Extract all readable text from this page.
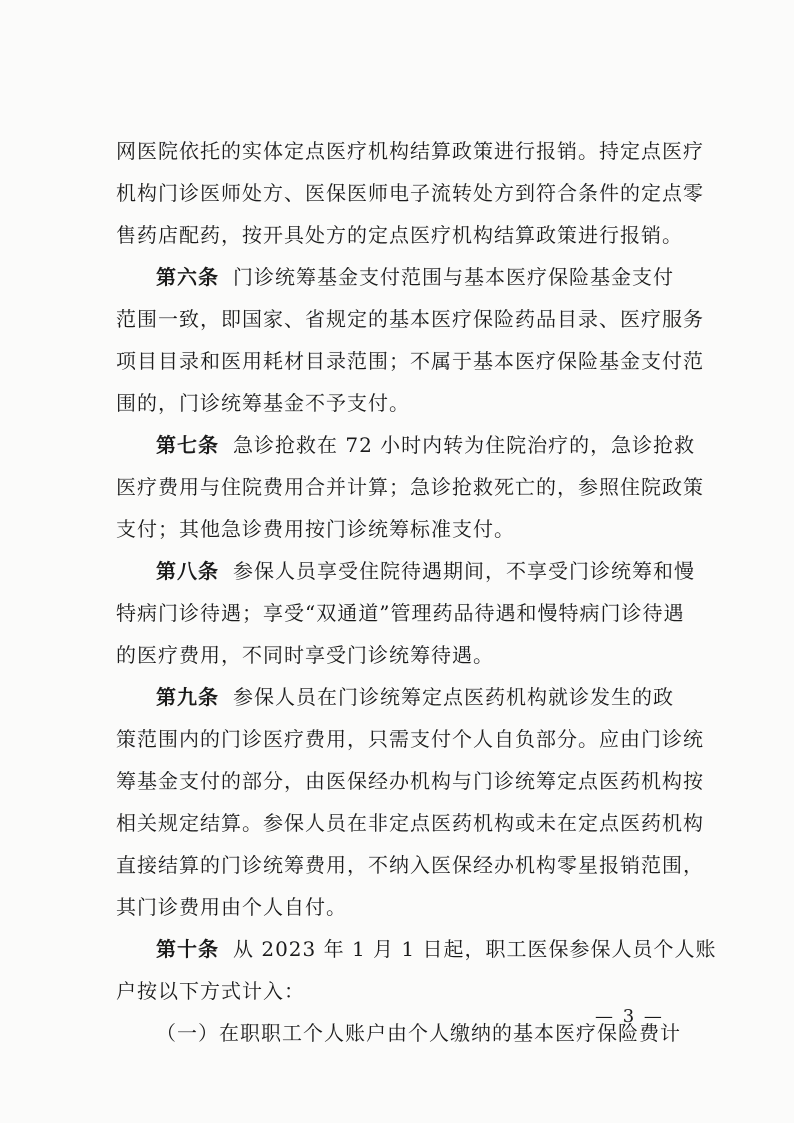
网医院依托的实体定点医疗机构结算政策进行报销。持定点医疗
机构门诊医师处方、医保医师电子流转处方到符合条件的定点零
售药店配药，按开具处方的定点医疗机构结算政策进行报销。
第六条 门诊统筹基金支付范围与基本医疗保险基金支付
范围一致，即国家、省规定的基本医疗保险药品目录、医疗服务
项目目录和医用耗材目录范围；不属于基本医疗保险基金支付范
围的，门诊统筹基金不予支付。
第七条 急诊抢救在 72 小时内转为住院治疗的，急诊抢救
医疗费用与住院费用合并计算；急诊抢救死亡的，参照住院政策
支付；其他急诊费用按门诊统筹标准支付。
第八条 参保人员享受住院待遇期间，不享受门诊统筹和慢
特病门诊待遇；享受“双通道”管理药品待遇和慢特病门诊待遇
的医疗费用，不同时享受门诊统筹待遇。
第九条 参保人员在门诊统筹定点医药机构就诊发生的政
策范围内的门诊医疗费用，只需支付个人自负部分。应由门诊统
筹基金支付的部分，由医保经办机构与门诊统筹定点医药机构按
相关规定结算。参保人员在非定点医药机构或未在定点医药机构
直接结算的门诊统筹费用，不纳入医保经办机构零星报销范围，
其门诊费用由个人自付。
第十条 从 2023 年 1 月 1 日起，职工医保参保人员个人账
户按以下方式计入：
（一）在职职工个人账户由个人缴纳的基本医疗保险费计
— 3 —
